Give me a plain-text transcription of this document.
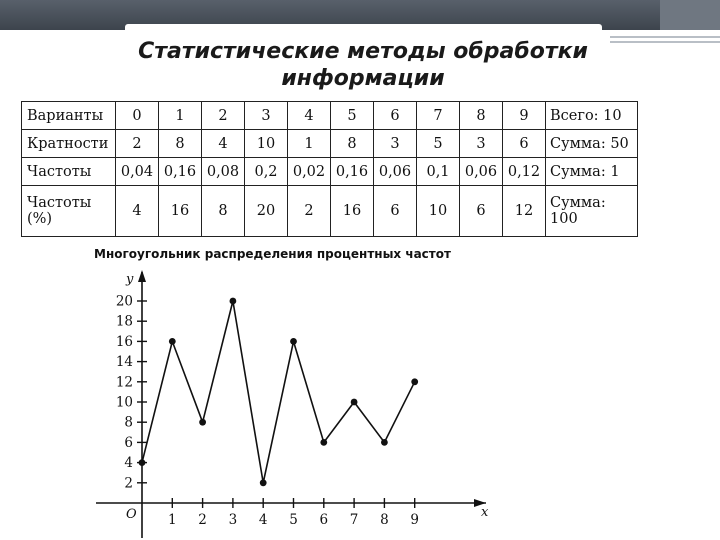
Статистические методы обработки
информации
Варианты	0	1	2	3	4	5	6	7	8	9	Всего: 10
Кратности	2	8	4	10	1	8	3	5	3	6	Сумма: 50
Частоты	0,04	0,16	0,08	0,2	0,02	0,16	0,06	0,1	0,06	0,12	Сумма: 1
Частоты (%)	4	16	8	20	2	16	6	10	6	12	Сумма: 100
Многоугольник распределения процентных частот
x
y
O 1 2 3 4 5 6 7 8 9
2
4
6
8
10
12
14
16
18
20
